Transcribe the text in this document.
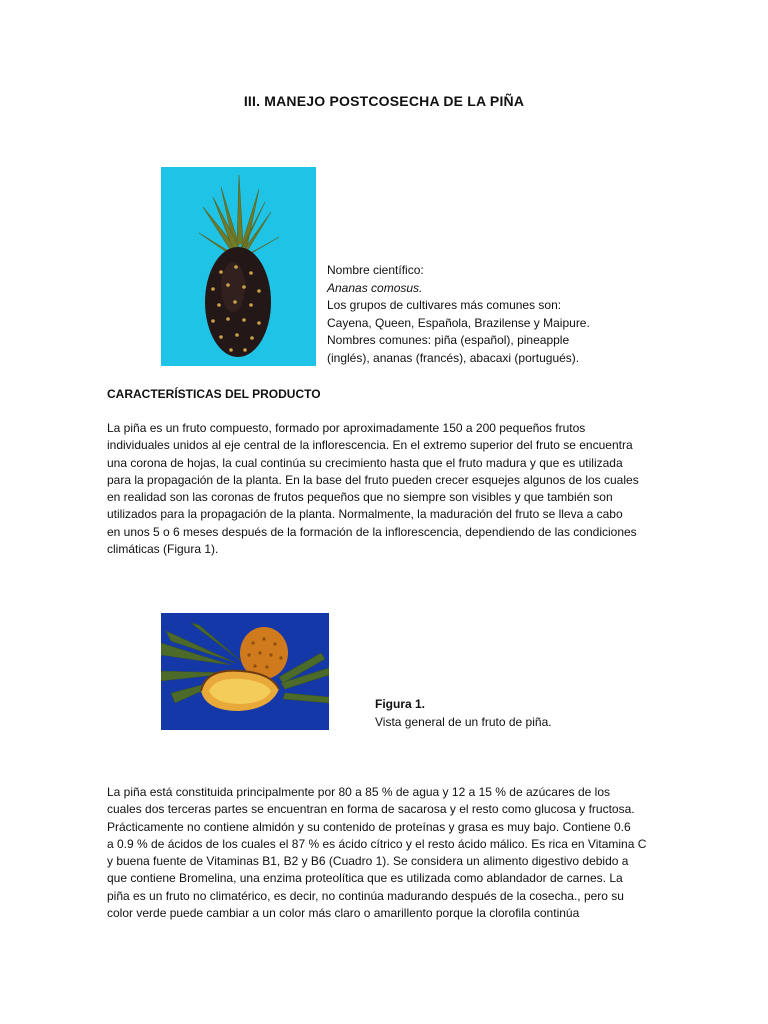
III. MANEJO POSTCOSECHA DE LA PIÑA
Nombre científico:
Ananas comosus.
Los grupos de cultivares más comunes son:
Cayena, Queen, Española, Brazilense y Maipure.
Nombres comunes: piña (español), pineapple
(inglés), ananas (francés), abacaxi (portugués).
CARACTERÍSTICAS DEL PRODUCTO
La piña es un fruto compuesto, formado por aproximadamente 150 a 200 pequeños frutos
individuales unidos al eje central de la inflorescencia. En el extremo superior del fruto se encuentra
una corona de hojas, la cual continúa su crecimiento hasta que el fruto madura y que es utilizada
para la propagación de la planta. En la base del fruto pueden crecer esquejes algunos de los cuales
en realidad son las coronas de frutos pequeños que no siempre son visibles y que también son
utilizados para la propagación de la planta. Normalmente, la maduración del fruto se lleva a cabo
en unos 5 o 6 meses después de la formación de la inflorescencia, dependiendo de las condiciones
climáticas (Figura 1).
Figura 1.
Vista general de un fruto de piña.
La piña está constituida principalmente por 80 a 85 % de agua y 12 a 15 % de azúcares de los
cuales dos terceras partes se encuentran en forma de sacarosa y el resto como glucosa y fructosa.
Prácticamente no contiene almidón y su contenido de proteínas y grasa es muy bajo. Contiene 0.6
a 0.9 % de ácidos de los cuales el 87 % es ácido cítrico y el resto ácido málico. Es rica en Vitamina C
y buena fuente de Vitaminas B1, B2 y B6 (Cuadro 1). Se considera un alimento digestivo debido a
que contiene Bromelina, una enzima proteolítica que es utilizada como ablandador de carnes. La
piña es un fruto no climatérico, es decir, no continúa madurando después de la cosecha., pero su
color verde puede cambiar a un color más claro o amarillento porque la clorofila continúa
